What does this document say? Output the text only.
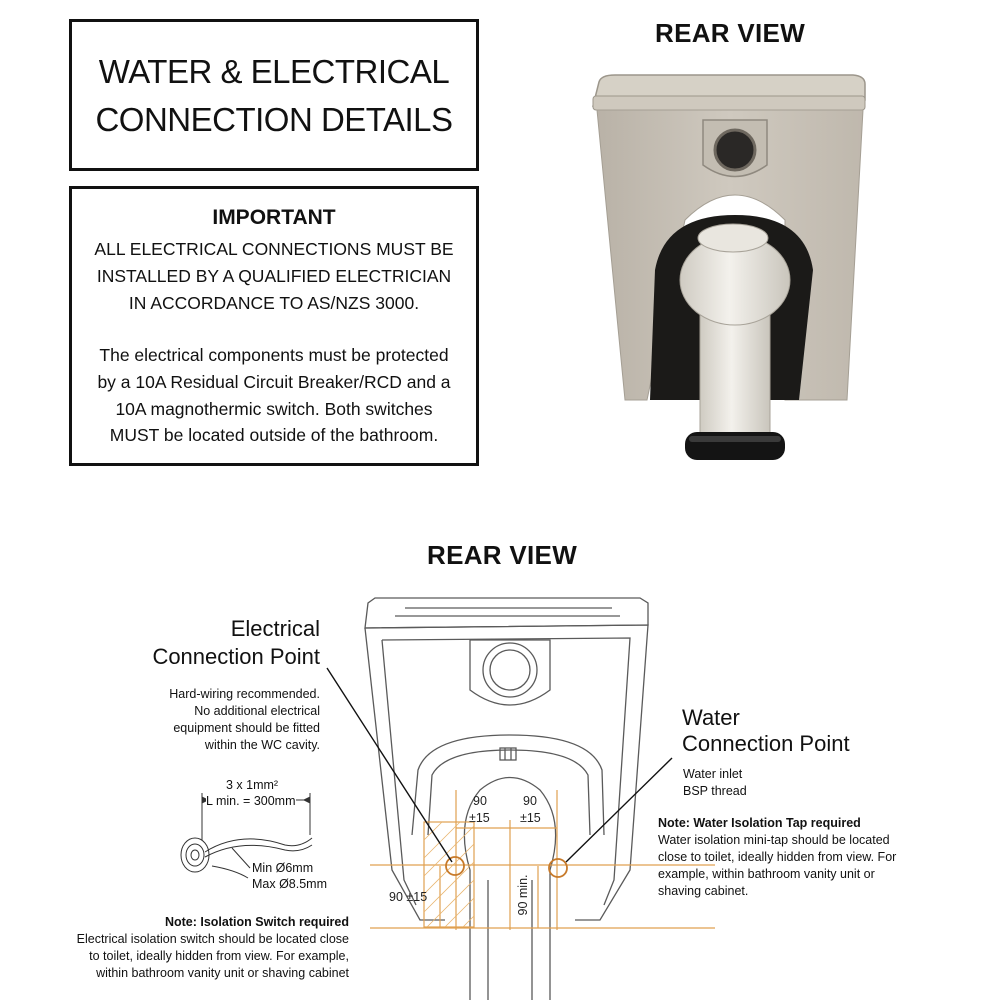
WATER & ELECTRICAL
CONNECTION DETAILS
IMPORTANT
ALL ELECTRICAL CONNECTIONS MUST BE
INSTALLED BY A QUALIFIED ELECTRICIAN
IN ACCORDANCE TO AS/NZS 3000.
The electrical components must be protected
by a 10A Residual Circuit Breaker/RCD and a
10A magnothermic switch. Both switches
MUST be located outside of the bathroom.
REAR VIEW
REAR VIEW
Electrical
Connection Point
Hard-wiring recommended.
No additional electrical
equipment should be fitted
within the WC cavity.
3 x 1mm²
L min. = 300mm
Min Ø6mm
Max Ø8.5mm
Water
Connection Point
Water inlet
BSP thread
Note: Water Isolation Tap required
Water isolation mini-tap should be located
close to toilet, ideally hidden from view. For
example, within bathroom vanity unit or
shaving cabinet.
Note: Isolation Switch required
Electrical isolation switch should be located close
to toilet, ideally hidden from view. For example,
within bathroom vanity unit or shaving cabinet
90
±15
90
±15
90 ±15	90 min.
